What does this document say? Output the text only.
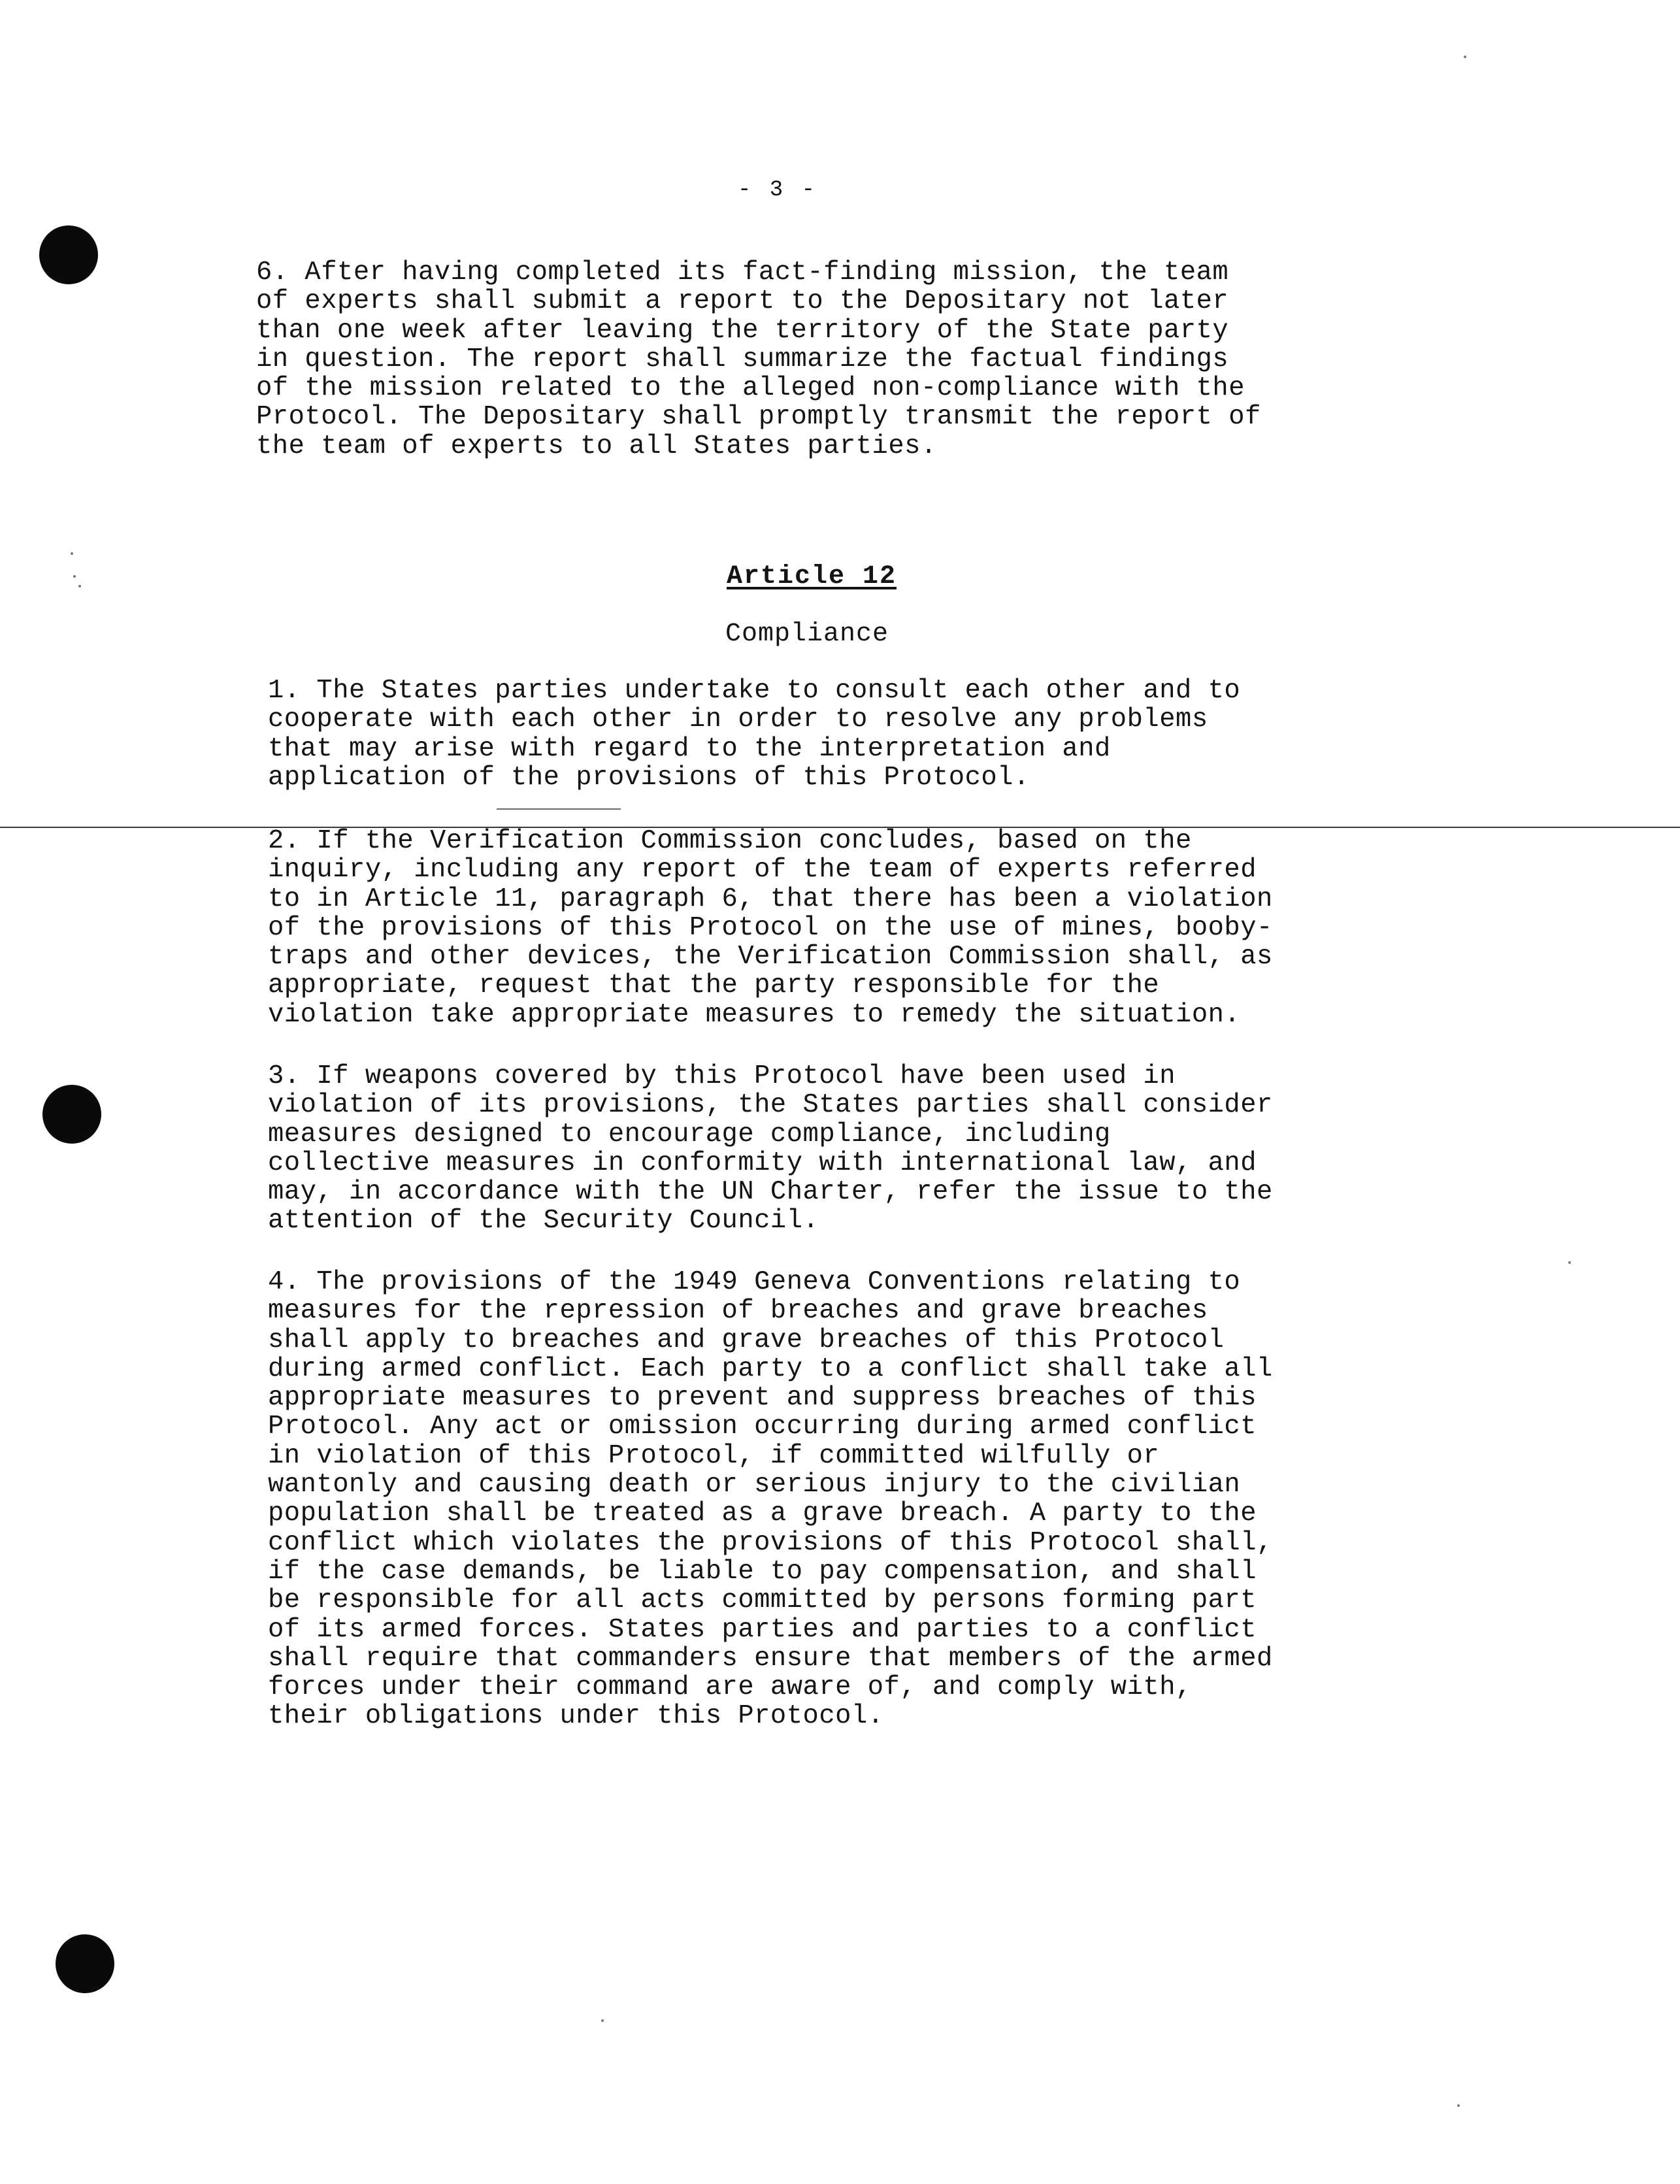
- 3 -
6. After having completed its fact-finding mission, the team
of experts shall submit a report to the Depositary not later
than one week after leaving the territory of the State party
in question. The report shall summarize the factual findings
of the mission related to the alleged non-compliance with the
Protocol. The Depositary shall promptly transmit the report of
the team of experts to all States parties.
Article 12
Compliance
1. The States parties undertake to consult each other and to
cooperate with each other in order to resolve any problems
that may arise with regard to the interpretation and
application of the provisions of this Protocol.
2. If the Verification Commission concludes, based on the
inquiry, including any report of the team of experts referred
to in Article 11, paragraph 6, that there has been a violation
of the provisions of this Protocol on the use of mines, booby-
traps and other devices, the Verification Commission shall, as
appropriate, request that the party responsible for the
violation take appropriate measures to remedy the situation.
3. If weapons covered by this Protocol have been used in
violation of its provisions, the States parties shall consider
measures designed to encourage compliance, including
collective measures in conformity with international law, and
may, in accordance with the UN Charter, refer the issue to the
attention of the Security Council.
4. The provisions of the 1949 Geneva Conventions relating to
measures for the repression of breaches and grave breaches
shall apply to breaches and grave breaches of this Protocol
during armed conflict. Each party to a conflict shall take all
appropriate measures to prevent and suppress breaches of this
Protocol. Any act or omission occurring during armed conflict
in violation of this Protocol, if committed wilfully or
wantonly and causing death or serious injury to the civilian
population shall be treated as a grave breach. A party to the
conflict which violates the provisions of this Protocol shall,
if the case demands, be liable to pay compensation, and shall
be responsible for all acts committed by persons forming part
of its armed forces. States parties and parties to a conflict
shall require that commanders ensure that members of the armed
forces under their command are aware of, and comply with,
their obligations under this Protocol.
